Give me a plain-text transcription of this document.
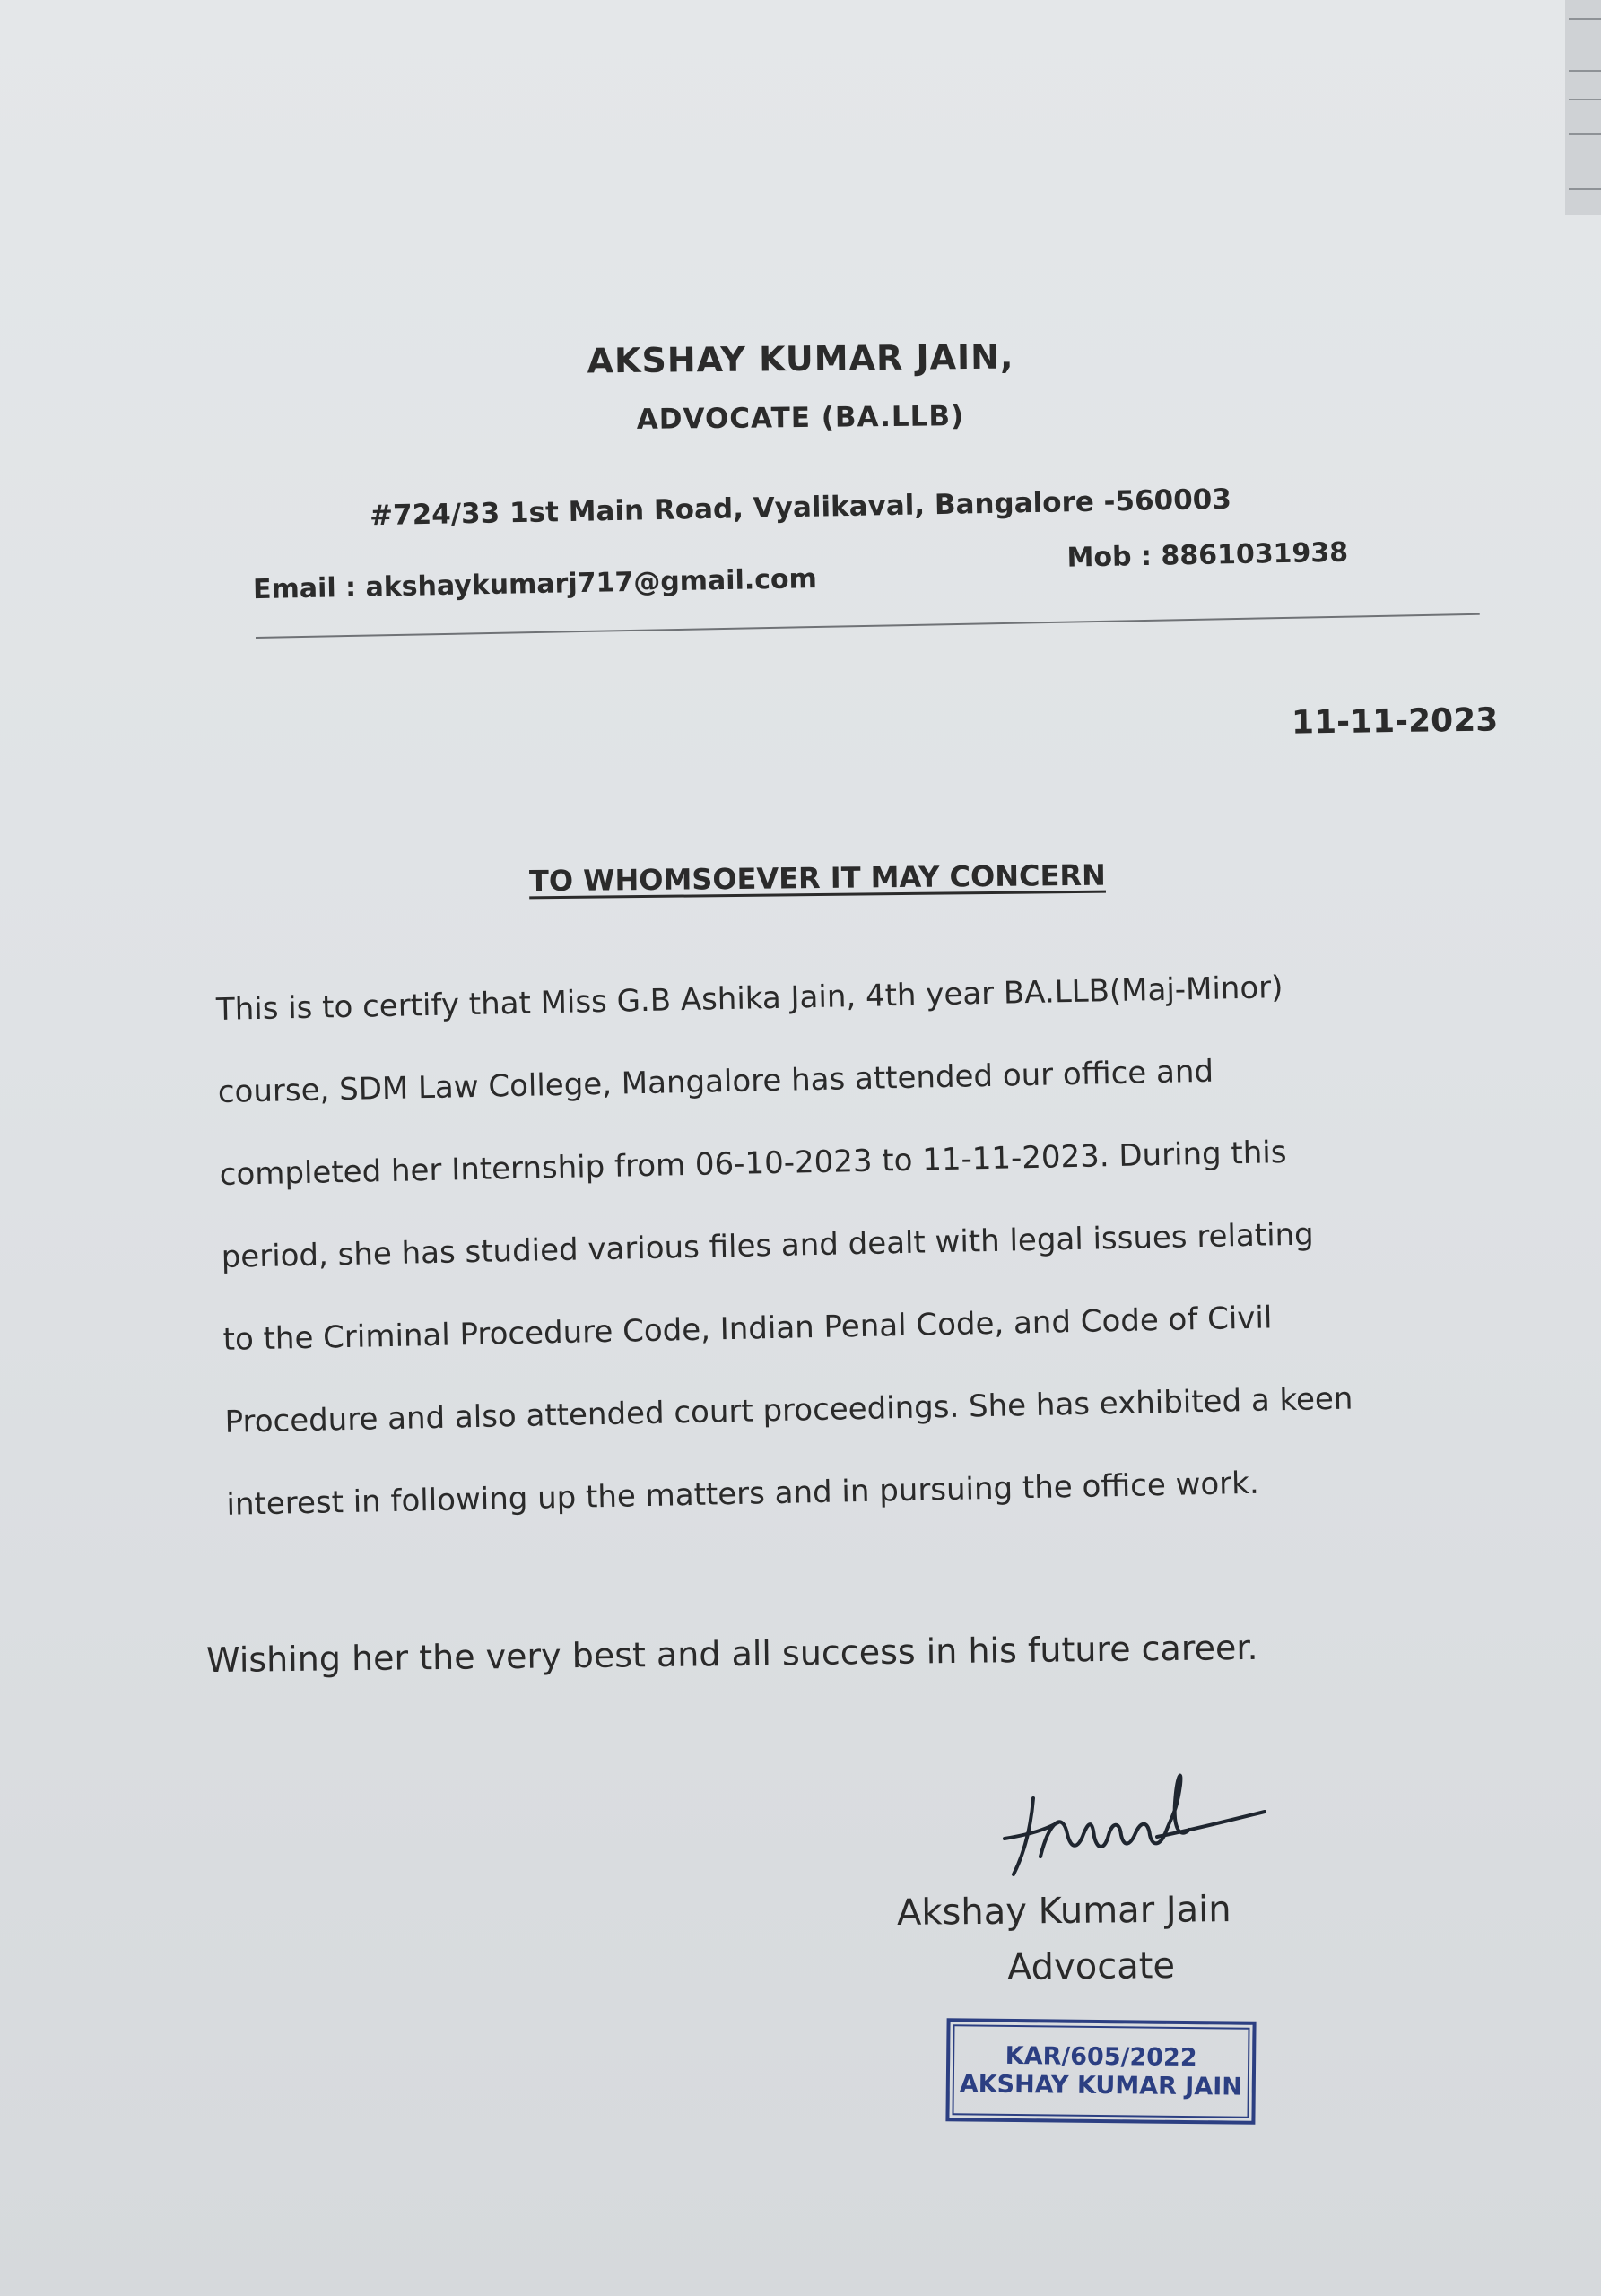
AKSHAY KUMAR JAIN,
ADVOCATE (BA.LLB)
#724/33 1st Main Road, Vyalikaval, Bangalore -560003
Email : akshaykumarj717@gmail.com
Mob : 8861031938
11-11-2023
TO WHOMSOEVER IT MAY CONCERN
This is to certify that Miss G.B Ashika Jain, 4th year BA.LLB(Maj-Minor)
course, SDM Law College, Mangalore has attended our office and
completed her Internship from 06-10-2023 to 11-11-2023. During this
period, she has studied various files and dealt with legal issues relating
to the Criminal Procedure Code, Indian Penal Code, and Code of Civil
Procedure and also attended court proceedings. She has exhibited a keen
interest in following up the matters and in pursuing the office work.
Wishing her the very best and all success in his future career.
Akshay Kumar Jain
Advocate
KAR/605/2022
AKSHAY KUMAR JAIN
